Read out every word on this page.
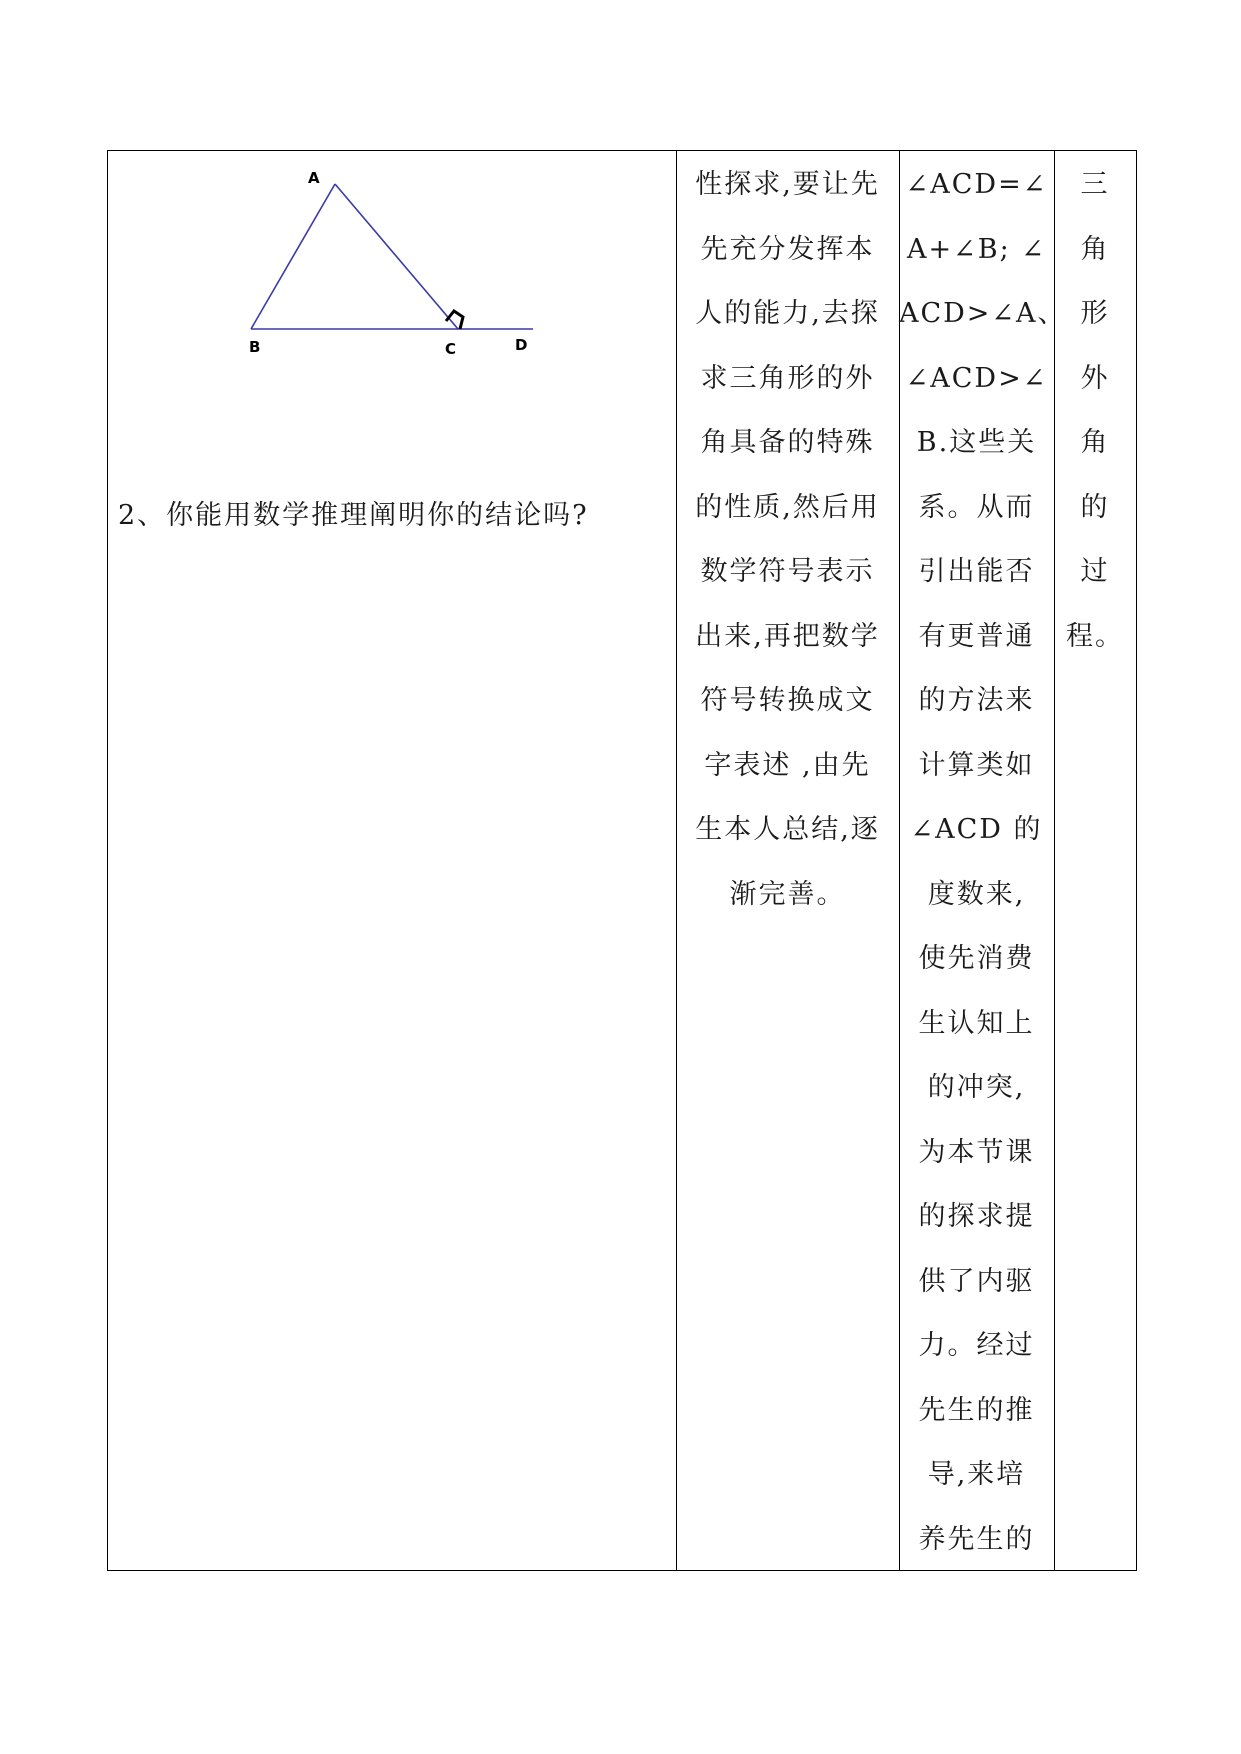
A
B	C	D

2、你能用数学推理阐明你的结论吗?

性探求,要让先

先充分发挥本

人的能力,去探

求三角形的外

角具备的特殊

的性质,然后用

数学符号表示

出来,再把数学

符号转换成文

字表述 ,由先

生本人总结,逐

渐完善。

∠ACD=∠

A+∠B; ∠

ACD>∠A、

∠ACD>∠

B.这些关

系。从而

引出能否

有更普通

的方法来

计算类如

∠ACD 的

度数来,

使先消费

生认知上

的冲突,

为本节课

的探求提

供了内驱

力。经过

先生的推

导,来培

养先生的

三

角

形

外

角

的

过

程。
